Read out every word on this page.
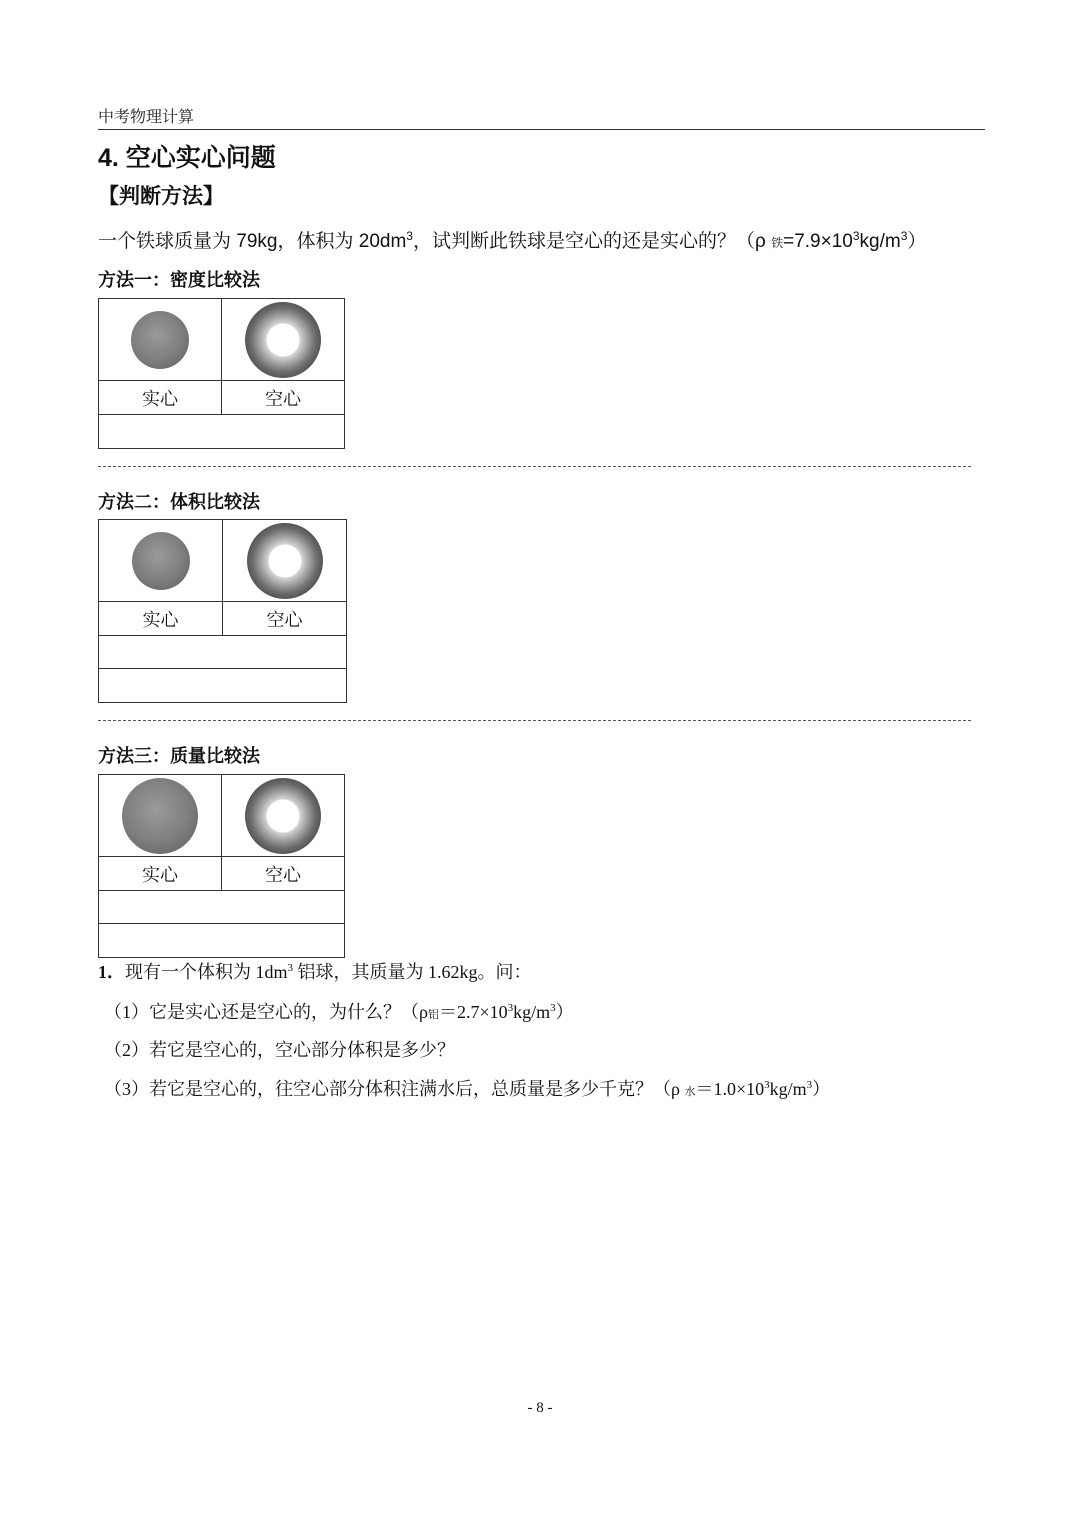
中考物理计算
4. 空心实心问题
【判断方法】
一个铁球质量为 79kg，体积为 $20dm^3$，试判断此铁球是空心的还是实心的？（ρ 铁$=7.9\times 10^3kg/m^3$）
方法一：密度比较法
实心	空心
方法二：体积比较法
实心	空心
方法三：质量比较法
实心	空心
1．现有一个体积为 $1dm^3$ 铝球，其质量为 1.62kg。问：
（1）它是实心还是空心的，为什么？（ρ铝$=2.7\times 10^3kg/m^3$）
（2）若它是空心的，空心部分体积是多少？
（3）若它是空心的，往空心部分体积注满水后，总质量是多少千克？（ρ 水$=1.0\times 10^3kg/m^3$）
- 8 -
